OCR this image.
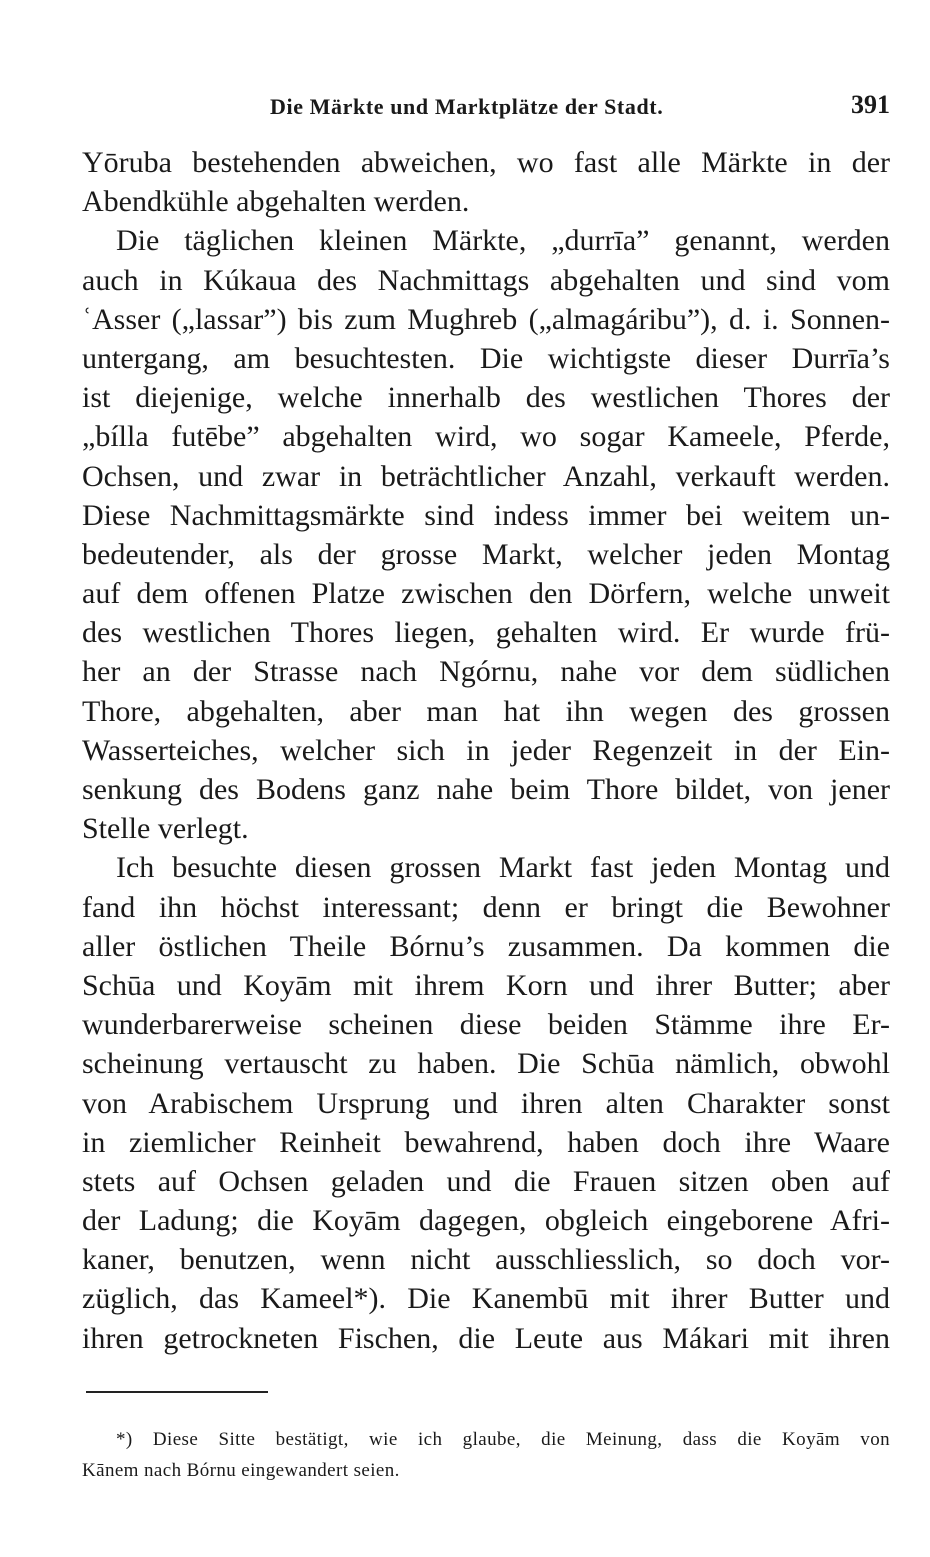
Die Märkte und Marktplätze der Stadt.	391

Yōruba bestehenden abweichen, wo fast alle Märkte in der

Abendkühle abgehalten werden.

Die täglichen kleinen Märkte, „durrīa” genannt, werden

auch in Kúkaua des Nachmittags abgehalten und sind vom

ʿAsser („lassar”) bis zum Mughreb („almagáribu”), d. i. Sonnen-

untergang, am besuchtesten. Die wichtigste dieser Durrīa’s

ist diejenige, welche innerhalb des westlichen Thores der

„bílla futēbe” abgehalten wird, wo sogar Kameele, Pferde,

Ochsen, und zwar in beträchtlicher Anzahl, verkauft werden.

Diese Nachmittagsmärkte sind indess immer bei weitem un-

bedeutender, als der grosse Markt, welcher jeden Montag

auf dem offenen Platze zwischen den Dörfern, welche unweit

des westlichen Thores liegen, gehalten wird. Er wurde frü-

her an der Strasse nach Ngórnu, nahe vor dem südlichen

Thore, abgehalten, aber man hat ihn wegen des grossen

Wasserteiches, welcher sich in jeder Regenzeit in der Ein-

senkung des Bodens ganz nahe beim Thore bildet, von jener

Stelle verlegt.

Ich besuchte diesen grossen Markt fast jeden Montag und

fand ihn höchst interessant; denn er bringt die Bewohner

aller östlichen Theile Bórnu’s zusammen. Da kommen die

Schūa und Koyām mit ihrem Korn und ihrer Butter; aber

wunderbarerweise scheinen diese beiden Stämme ihre Er-

scheinung vertauscht zu haben. Die Schūa nämlich, obwohl

von Arabischem Ursprung und ihren alten Charakter sonst

in ziemlicher Reinheit bewahrend, haben doch ihre Waare

stets auf Ochsen geladen und die Frauen sitzen oben auf

der Ladung; die Koyām dagegen, obgleich eingeborene Afri-

kaner, benutzen, wenn nicht ausschliesslich, so doch vor-

züglich, das Kameel*). Die Kanembū mit ihrer Butter und

ihren getrockneten Fischen, die Leute aus Mákari mit ihren

*) Diese Sitte bestätigt, wie ich glaube, die Meinung, dass die Koyām von

Kānem nach Bórnu eingewandert seien.
